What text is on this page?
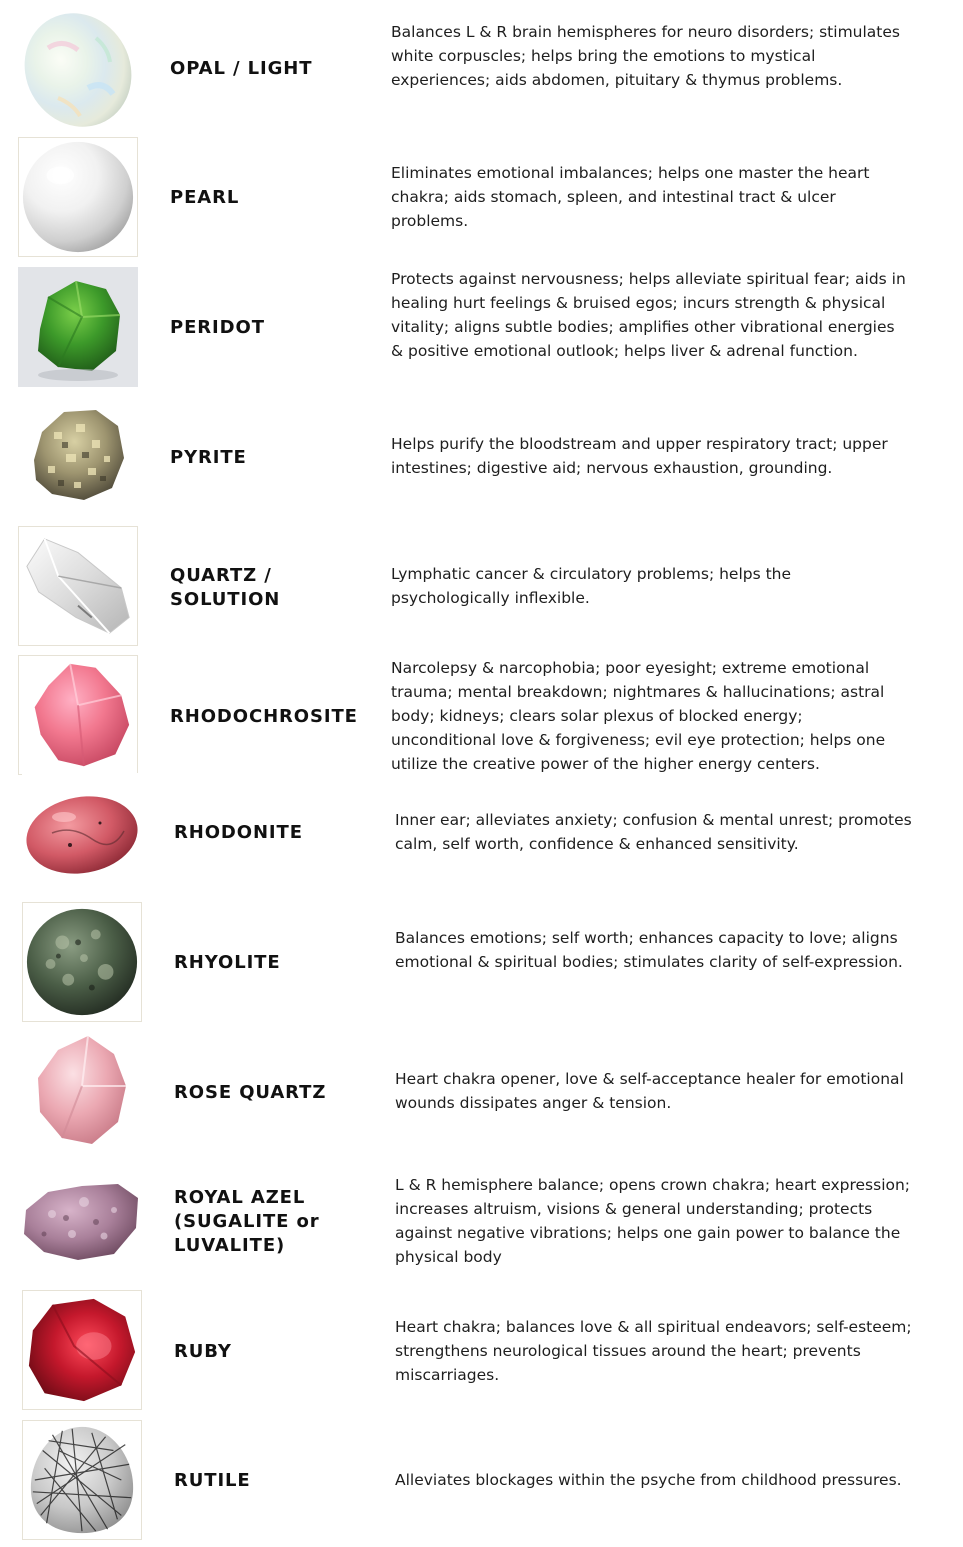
OPAL / LIGHT
Balances L & R brain hemispheres for neuro disorders; stimulates white corpuscles; helps bring the emotions to mystical experiences; aids abdomen, pituitary & thymus problems.
PEARL
Eliminates emotional imbalances; helps one master the heart chakra; aids stomach, spleen, and intestinal tract & ulcer problems.
PERIDOT
Protects against nervousness; helps alleviate spiritual fear; aids in healing hurt feelings & bruised egos; incurs strength & physical vitality; aligns subtle bodies; amplifies other vibrational energies & positive emotional outlook; helps liver & adrenal function.
PYRITE
Helps purify the bloodstream and upper respiratory tract; upper intestines; digestive aid; nervous exhaustion, grounding.
QUARTZ / SOLUTION
Lymphatic cancer & circulatory problems; helps the psychologically inflexible.
RHODOCHROSITE
Narcolepsy & narcophobia; poor eyesight; extreme emotional trauma; mental breakdown; nightmares & hallucinations; astral body; kidneys; clears solar plexus of blocked energy; unconditional love & forgiveness; evil eye protection; helps one utilize the creative power of the higher energy centers.
RHODONITE
Inner ear; alleviates anxiety; confusion & mental unrest; promotes calm, self worth, confidence & enhanced sensitivity.
RHYOLITE
Balances emotions; self worth; enhances capacity to love; aligns emotional & spiritual bodies; stimulates clarity of self-expression.
ROSE QUARTZ
Heart chakra opener, love & self-acceptance healer for emotional wounds dissipates anger & tension.
ROYAL AZEL (SUGALITE or LUVALITE)
L & R hemisphere balance; opens crown chakra; heart expression; increases altruism, visions & general understanding; protects against negative vibrations; helps one gain power to balance the physical body
RUBY
Heart chakra; balances love & all spiritual endeavors; self-esteem; strengthens neurological tissues around the heart; prevents miscarriages.
RUTILE	Alleviates blockages within the psyche from childhood pressures.
